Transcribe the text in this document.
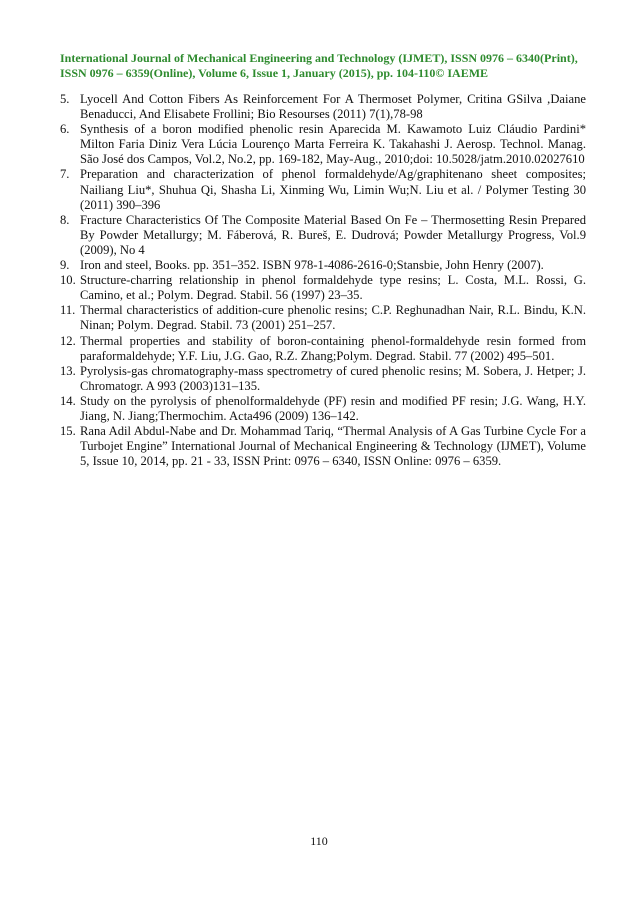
International Journal of Mechanical Engineering and Technology (IJMET), ISSN 0976 – 6340(Print),
ISSN 0976 – 6359(Online), Volume 6, Issue 1, January (2015), pp. 104-110© IAEME
5. Lyocell And Cotton Fibers As Reinforcement For A Thermoset Polymer, Critina GSilva ,Daiane Benaducci, And Elisabete Frollini; Bio Resourses (2011) 7(1),78-98
6. Synthesis of a boron modified phenolic resin Aparecida M. Kawamoto Luiz Cláudio Pardini* Milton Faria Diniz Vera Lúcia Lourenço Marta Ferreira K. Takahashi J. Aerosp. Technol. Manag. São José dos Campos, Vol.2, No.2, pp. 169-182, May-Aug., 2010;doi: 10.5028/jatm.2010.02027610
7. Preparation and characterization of phenol formaldehyde/Ag/graphitenano sheet composites; Nailiang Liu*, Shuhua Qi, Shasha Li, Xinming Wu, Limin Wu;N. Liu et al. / Polymer Testing 30 (2011) 390–396
8. Fracture Characteristics Of The Composite Material Based On Fe – Thermosetting Resin Prepared By Powder Metallurgy; M. Fáberová, R. Bureš, E. Dudrová; Powder Metallurgy Progress, Vol.9 (2009), No 4
9. Iron and steel, Books. pp. 351–352. ISBN 978-1-4086-2616-0;Stansbie, John Henry (2007).
10. Structure-charring relationship in phenol formaldehyde type resins; L. Costa, M.L. Rossi, G. Camino, et al.; Polym. Degrad. Stabil. 56 (1997) 23–35.
11. Thermal characteristics of addition-cure phenolic resins; C.P. Reghunadhan Nair, R.L. Bindu, K.N. Ninan; Polym. Degrad. Stabil. 73 (2001) 251–257.
12. Thermal properties and stability of boron-containing phenol-formaldehyde resin formed from paraformaldehyde; Y.F. Liu, J.G. Gao, R.Z. Zhang;Polym. Degrad. Stabil. 77 (2002) 495–501.
13. Pyrolysis-gas chromatography-mass spectrometry of cured phenolic resins; M. Sobera, J. Hetper; J. Chromatogr. A 993 (2003)131–135.
14. Study on the pyrolysis of phenolformaldehyde (PF) resin and modified PF resin; J.G. Wang, H.Y. Jiang, N. Jiang;Thermochim. Acta496 (2009) 136–142.
15. Rana Adil Abdul-Nabe and Dr. Mohammad Tariq, “Thermal Analysis of A Gas Turbine Cycle For a Turbojet Engine” International Journal of Mechanical Engineering & Technology (IJMET), Volume 5, Issue 10, 2014, pp. 21 - 33, ISSN Print: 0976 – 6340, ISSN Online: 0976 – 6359.
110
